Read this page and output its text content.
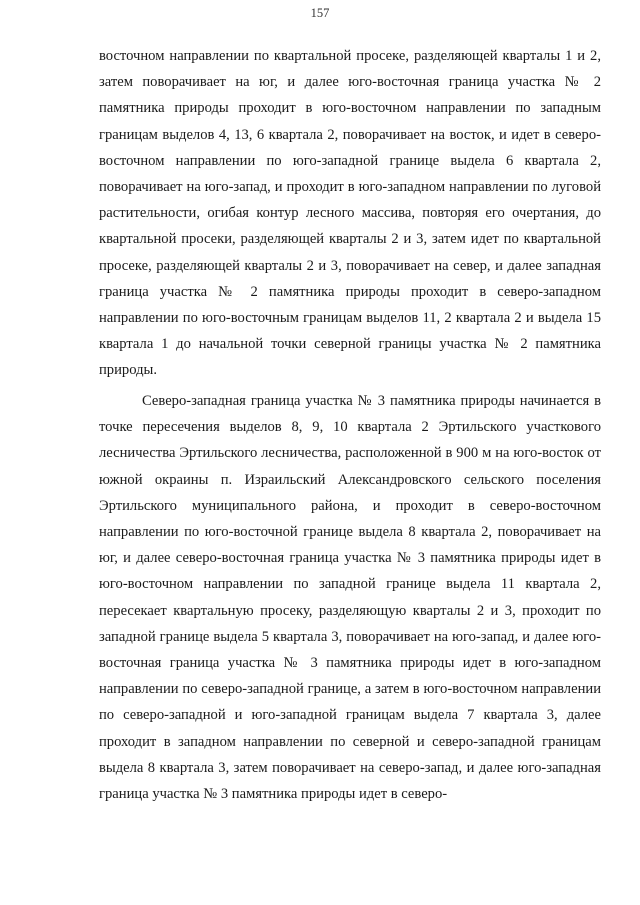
157

восточном направлении по квартальной просеке, разделяющей кварталы 1 и 2, затем поворачивает на юг, и далее юго-восточная граница участка № 2 памятника природы проходит в юго-восточном направлении по западным границам выделов 4, 13, 6 квартала 2, поворачивает на восток, и идет в северо-восточном направлении по юго-западной границе выдела 6 квартала 2, поворачивает на юго-запад, и проходит в юго-западном направлении по луговой растительности, огибая контур лесного массива, повторяя его очертания, до квартальной просеки, разделяющей кварталы 2 и 3, затем идет по квартальной просеке, разделяющей кварталы 2 и 3, поворачивает на север, и далее западная граница участка № 2 памятника природы проходит в северо-западном направлении по юго-восточным границам выделов 11, 2 квартала 2 и выдела 15 квартала 1 до начальной точки северной границы участка № 2 памятника природы.

Северо-западная граница участка № 3 памятника природы начинается в точке пересечения выделов 8, 9, 10 квартала 2 Эртильского участкового лесничества Эртильского лесничества, расположенной в 900 м на юго-восток от южной окраины п. Израильский Александровского сельского поселения Эртильского муниципального района, и проходит в северо-восточном направлении по юго-восточной границе выдела 8 квартала 2, поворачивает на юг, и далее северо-восточная граница участка № 3 памятника природы идет в юго-восточном направлении по западной границе выдела 11 квартала 2, пересекает квартальную просеку, разделяющую кварталы 2 и 3, проходит по западной границе выдела 5 квартала 3, поворачивает на юго-запад, и далее юго-восточная граница участка № 3 памятника природы идет в юго-западном направлении по северо-западной границе, а затем в юго-восточном направлении по северо-западной и юго-западной границам выдела 7 квартала 3, далее проходит в западном направлении по северной и северо-западной границам выдела 8 квартала 3, затем поворачивает на северо-запад, и далее юго-западная граница участка № 3 памятника природы идет в северо-
